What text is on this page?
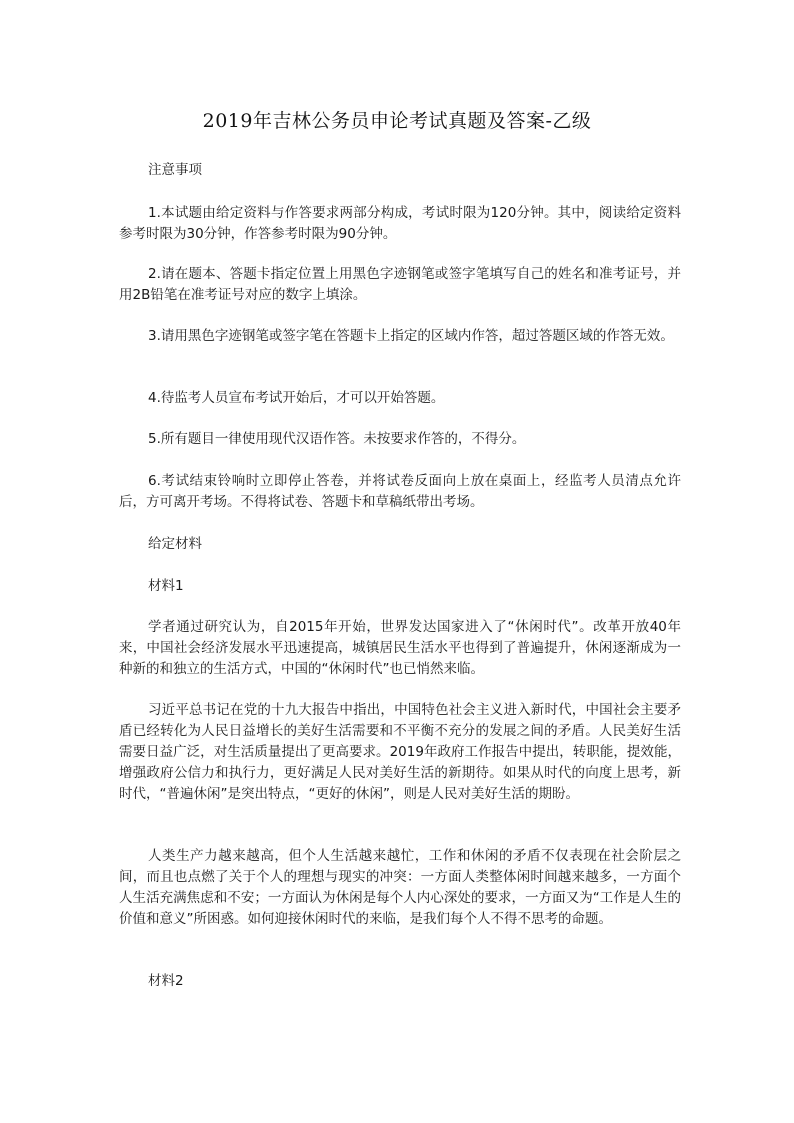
2019年吉林公务员申论考试真题及答案-乙级

注意事项

1.本试题由给定资料与作答要求两部分构成，考试时限为120分钟。其中，阅读给定资料参考时限为30分钟，作答参考时限为90分钟。

2.请在题本、答题卡指定位置上用黑色字迹钢笔或签字笔填写自己的姓名和准考证号，并用2B铅笔在准考证号对应的数字上填涂。

3.请用黑色字迹钢笔或签字笔在答题卡上指定的区域内作答，超过答题区域的作答无效。

4.待监考人员宣布考试开始后，才可以开始答题。

5.所有题目一律使用现代汉语作答。未按要求作答的，不得分。

6.考试结束铃响时立即停止答卷，并将试卷反面向上放在桌面上，经监考人员清点允许后，方可离开考场。不得将试卷、答题卡和草稿纸带出考场。

给定材料

材料1

学者通过研究认为，自2015年开始，世界发达国家进入了“休闲时代”。改革开放40年来，中国社会经济发展水平迅速提高，城镇居民生活水平也得到了普遍提升，休闲逐渐成为一种新的和独立的生活方式，中国的“休闲时代”也已悄然来临。

习近平总书记在党的十九大报告中指出，中国特色社会主义进入新时代，中国社会主要矛盾已经转化为人民日益增长的美好生活需要和不平衡不充分的发展之间的矛盾。人民美好生活需要日益广泛，对生活质量提出了更高要求。2019年政府工作报告中提出，转职能，提效能，增强政府公信力和执行力，更好满足人民对美好生活的新期待。如果从时代的向度上思考，新时代，“普遍休闲”是突出特点，“更好的休闲”，则是人民对美好生活的期盼。

人类生产力越来越高，但个人生活越来越忙，工作和休闲的矛盾不仅表现在社会阶层之间，而且也点燃了关于个人的理想与现实的冲突：一方面人类整体闲时间越来越多，一方面个人生活充满焦虑和不安；一方面认为休闲是每个人内心深处的要求，一方面又为“工作是人生的价值和意义”所困惑。如何迎接休闲时代的来临，是我们每个人不得不思考的命题。

材料2
